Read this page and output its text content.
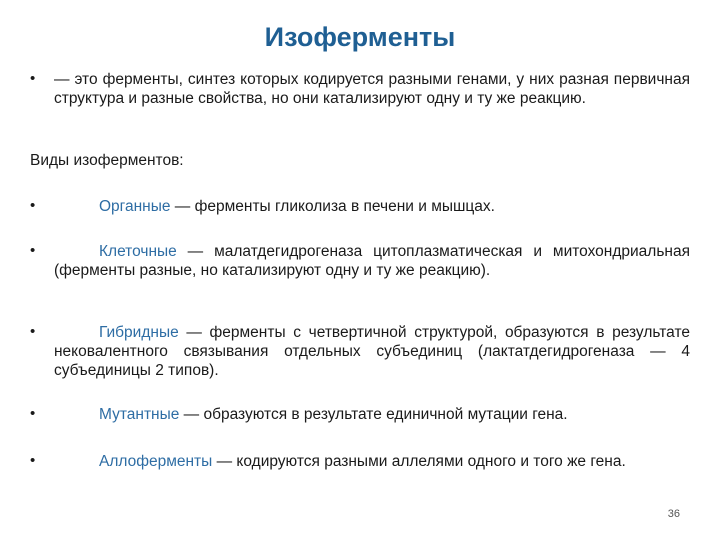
Изоферменты
• — это ферменты, синтез которых кодируется разными генами, у них разная первичная структура и разные свойства, но они катализируют одну и ту же реакцию.
Виды изоферментов:
•	Органные — ферменты гликолиза в печени и мышцах.
•	Клеточные — малатдегидрогеназа цитоплазматическая и митохондриальная (ферменты разные, но катализируют одну и ту же реакцию).
•	Гибридные — ферменты с четвертичной структурой, образуются в результате нековалентного связывания отдельных субъединиц (лактатдегидрогеназа — 4 субъединицы 2 типов).
•	Мутантные — образуются в результате единичной мутации гена.
•	Аллоферменты — кодируются разными аллелями одного и того же гена.
36
